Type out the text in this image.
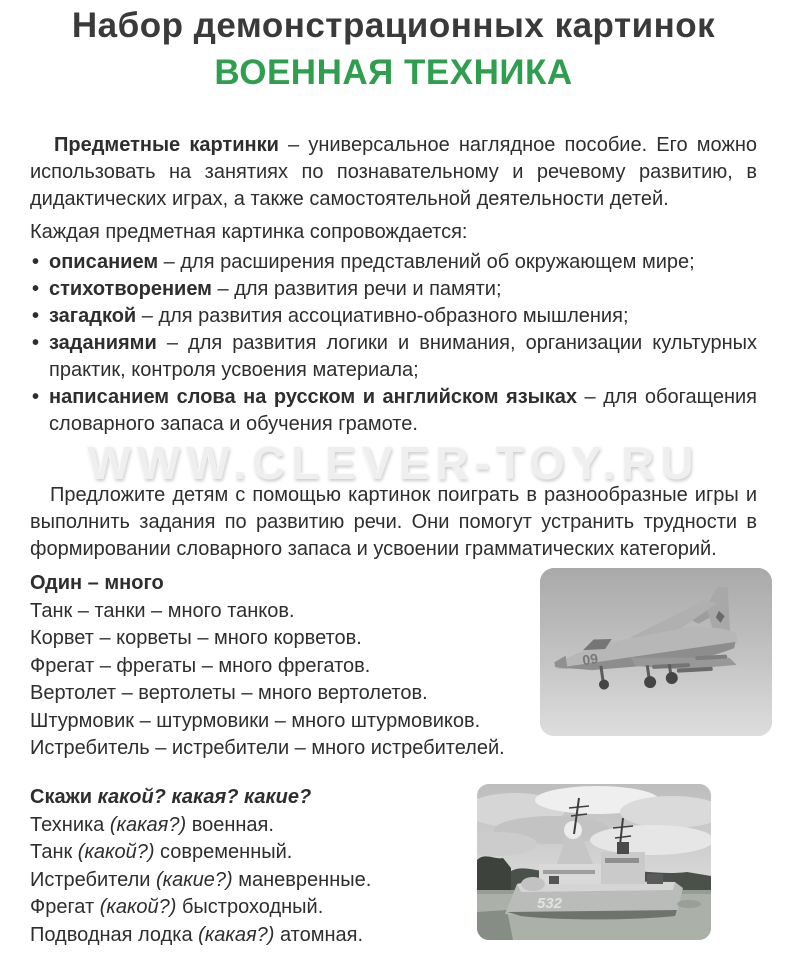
Набор демонстрационных картинок
ВОЕННАЯ ТЕХНИКА

Предметные картинки – универсальное наглядное пособие. Его можно использовать на занятиях по познавательному и речевому развитию, в дидактических играх, а также самостоятельной деятельности детей.

Каждая предметная картинка сопровождается:
• описанием – для расширения представлений об окружающем мире;
• стихотворением – для развития речи и памяти;
• загадкой – для развития ассоциативно-образного мышления;
• заданиями – для развития логики и внимания, организации культурных практик, контроля усвоения материала;
• написанием слова на русском и английском языках – для обогащения словарного запаса и обучения грамоте.
WWW.CLEVER-TOY.RU

Предложите детям с помощью картинок поиграть в разнообразные игры и выполнить задания по развитию речи. Они помогут устранить трудности в формировании словарного запаса и усвоении грамматических категорий.

Один – много
Танк – танки – много танков.
Корвет – корветы – много корветов.
Фрегат – фрегаты – много фрегатов.
Вертолет – вертолеты – много вертолетов.
Штурмовик – штурмовики – много штурмовиков.
Истребитель – истребители – много истребителей.
Скажи какой? какая? какие?
Техника (какая?) военная.
Танк (какой?) современный.
Истребители (какие?) маневренные.
Фрегат (какой?) быстроходный.
Подводная лодка (какая?) атомная.
09
532
